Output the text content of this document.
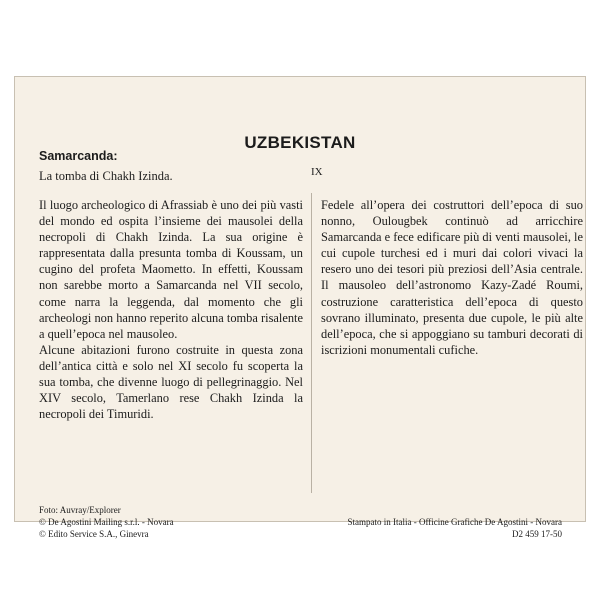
UZBEKISTAN
Samarcanda:
La tomba di Chakh Izinda.	IX

Il luogo archeologico di Afrassiab è uno dei più vasti del mondo ed ospita l’insieme dei mausolei della necropoli di Chakh Izinda. La sua origine è rappresentata dalla presunta tomba di Koussam, un cugino del profeta Maometto. In effetti, Koussam non sarebbe morto a Samarcanda nel VII secolo, come narra la leggenda, dal momento che gli archeologi non hanno reperito alcuna tomba risalente a quell’epoca nel mausoleo.

Alcune abitazioni furono costruite in questa zona dell’antica città e solo nel XI secolo fu scoperta la sua tomba, che divenne luogo di pellegrinaggio. Nel XIV secolo, Tamerlano rese Chakh Izinda la necropoli dei Timuridi.

Fedele all’opera dei costruttori dell’epoca di suo nonno, Oulougbek continuò ad arricchire Samarcanda e fece edificare più di venti mausolei, le cui cupole turchesi ed i muri dai colori vivaci la resero uno dei tesori più preziosi dell’Asia centrale. Il mausoleo dell’astronomo Kazy-Zadé Roumi, costruzione caratteristica dell’epoca di questo sovrano illuminato, presenta due cupole, le più alte dell’epoca, che si appoggiano su tamburi decorati di iscrizioni monumentali cufiche.

Foto: Auvray/Explorer
© De Agostini Mailing s.r.l. - Novara
© Edito Service S.A., Ginevra
Stampato in Italia - Officine Grafiche De Agostini - Novara
D2 459 17-50
